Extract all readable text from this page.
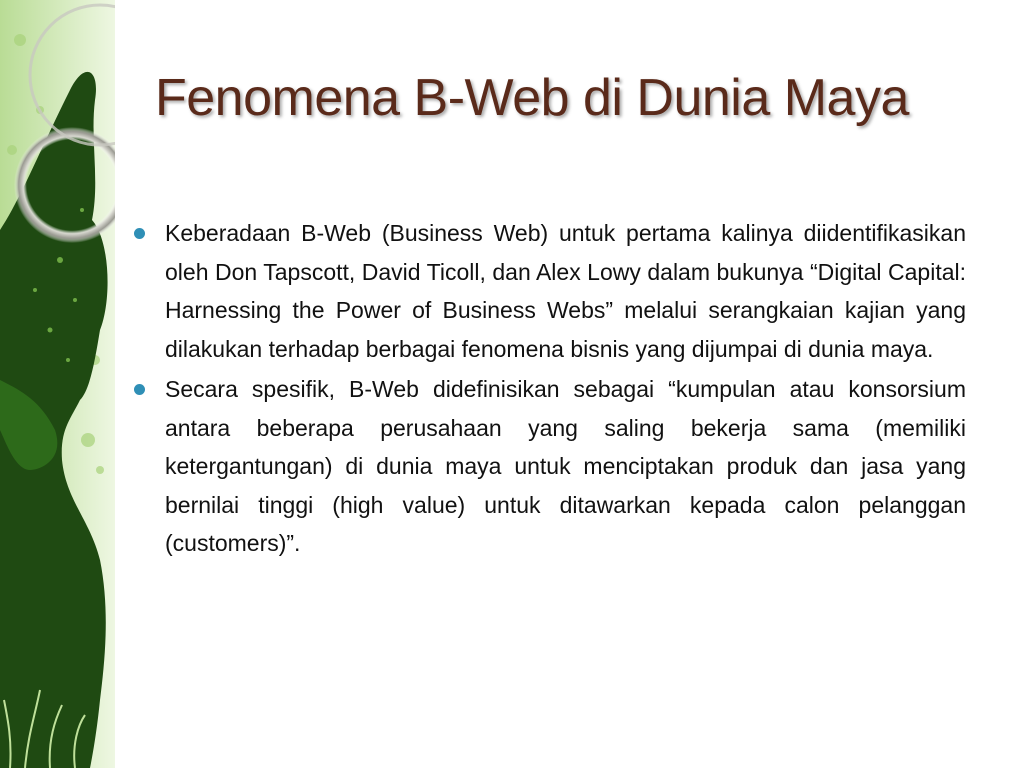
Fenomena B-Web di Dunia Maya

Keberadaan B-Web (Business Web) untuk pertama kalinya diidentifikasikan oleh Don Tapscott, David Ticoll, dan Alex Lowy dalam bukunya “Digital Capital: Harnessing the Power of Business Webs” melalui serangkaian kajian yang dilakukan terhadap berbagai fenomena bisnis yang dijumpai di dunia maya.

Secara spesifik, B-Web didefinisikan sebagai “kumpulan atau konsorsium antara beberapa perusahaan yang saling bekerja sama (memiliki ketergantungan) di dunia maya untuk menciptakan produk dan jasa yang bernilai tinggi (high value) untuk ditawarkan kepada calon pelanggan (customers)”.
